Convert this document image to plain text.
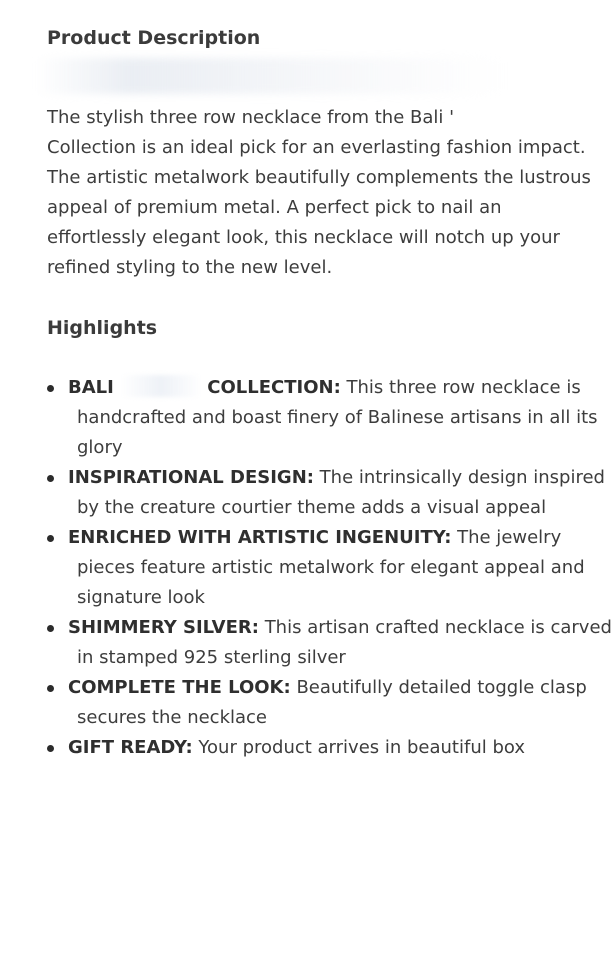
Product Description

The stylish three row necklace from the Bali '
Collection is an ideal pick for an everlasting fashion impact.
The artistic metalwork beautifully complements the lustrous
appeal of premium metal. A perfect pick to nail an
effortlessly elegant look, this necklace will notch up your
refined styling to the new level.

Highlights
BALI	COLLECTION: This three row necklace is
handcrafted and boast finery of Balinese artisans in all its
glory
INSPIRATIONAL DESIGN: The intrinsically design inspired
by the creature courtier theme adds a visual appeal
ENRICHED WITH ARTISTIC INGENUITY: The jewelry
pieces feature artistic metalwork for elegant appeal and
signature look
SHIMMERY SILVER: This artisan crafted necklace is carved
in stamped 925 sterling silver
COMPLETE THE LOOK: Beautifully detailed toggle clasp
secures the necklace
GIFT READY: Your product arrives in beautiful box
